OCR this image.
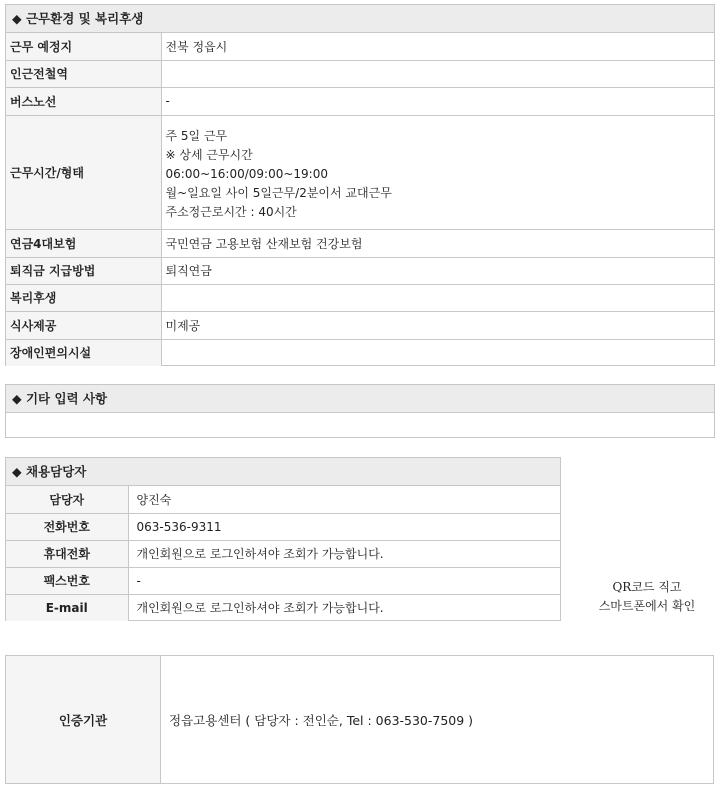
◆ 근무환경 및 복리후생
근무 예정지	전북 정읍시
인근전철역	
버스노선	-
근무시간/형태	주 5일 근무
※ 상세 근무시간
06:00~16:00/09:00~19:00
월~일요일 사이 5일근무/2분이서 교대근무
주소정근로시간 : 40시간

연금4대보험	국민연금 고용보험 산재보험 건강보험
퇴직금 지급방법	퇴직연금
복리후생	
식사제공	미제공
장애인편의시설	
◆ 기타 입력 사항
◆ 채용담당자
담당자	양진숙
전화번호	063-536-9311
휴대전화	개인회원으로 로그인하셔야 조회가 가능합니다.
팩스번호	-
E-mail	개인회원으로 로그인하셔야 조회가 가능합니다.
QR코드 직고
스마트폰에서 확인
인증기관	정읍고용센터 ( 담당자 : 전인순, Tel : 063-530-7509 )
